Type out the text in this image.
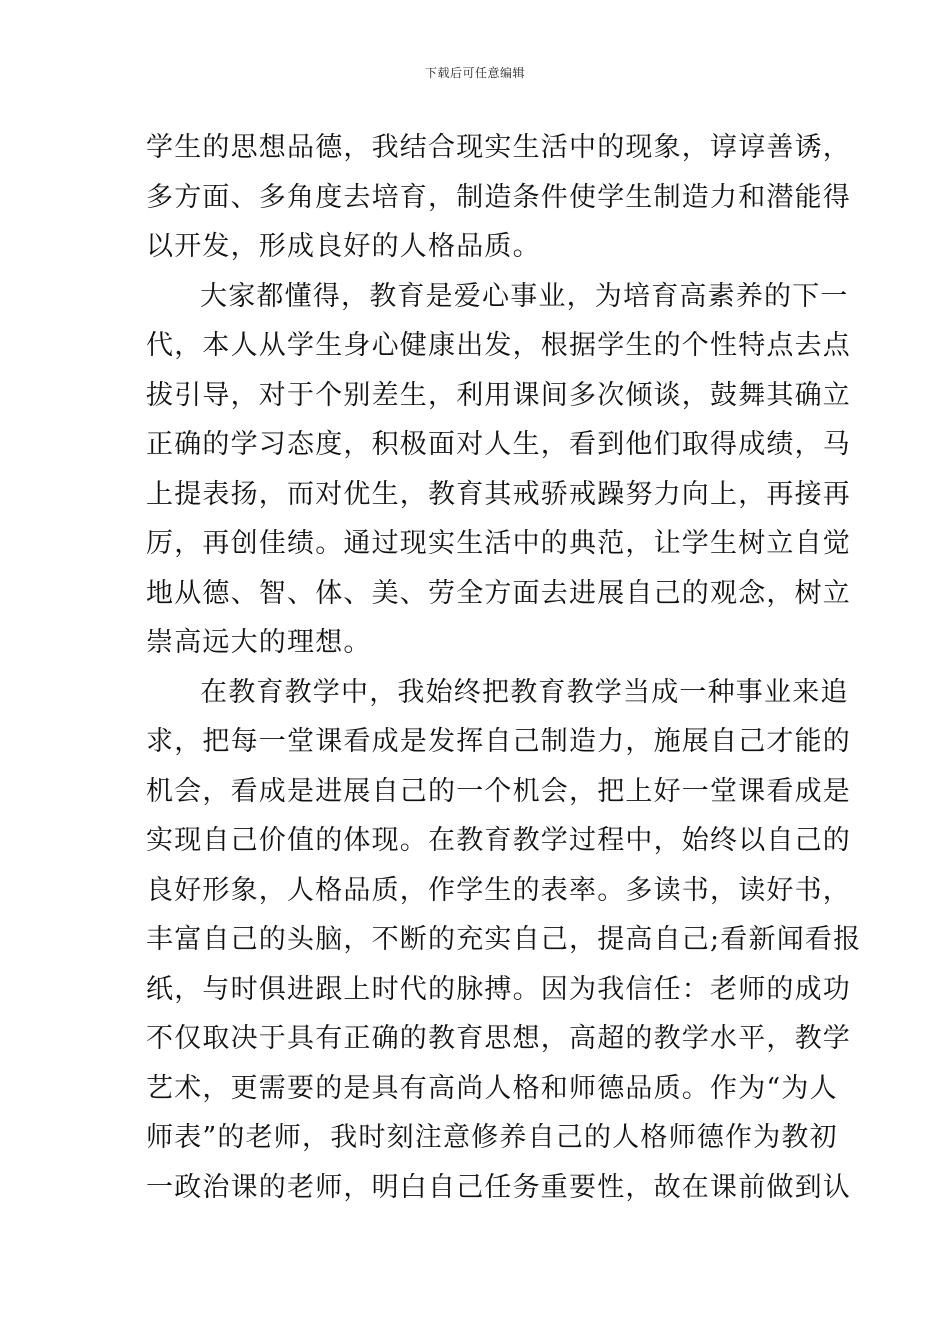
下载后可任意编辑
学生的思想品德，我结合现实生活中的现象，谆谆善诱，
多方面、多角度去培育，制造条件使学生制造力和潜能得
以开发，形成良好的人格品质。
大家都懂得，教育是爱心事业，为培育高素养的下一
代，本人从学生身心健康出发，根据学生的个性特点去点
拔引导，对于个别差生，利用课间多次倾谈，鼓舞其确立
正确的学习态度，积极面对人生，看到他们取得成绩，马
上提表扬，而对优生，教育其戒骄戒躁努力向上，再接再
厉，再创佳绩。通过现实生活中的典范，让学生树立自觉
地从德、智、体、美、劳全方面去进展自己的观念，树立
崇高远大的理想。
在教育教学中，我始终把教育教学当成一种事业来追
求，把每一堂课看成是发挥自己制造力，施展自己才能的
机会，看成是进展自己的一个机会，把上好一堂课看成是
实现自己价值的体现。在教育教学过程中，始终以自己的
良好形象，人格品质，作学生的表率。多读书，读好书，
丰富自己的头脑，不断的充实自己，提高自己;看新闻看报
纸，与时俱进跟上时代的脉搏。因为我信任：老师的成功
不仅取决于具有正确的教育思想，高超的教学水平，教学
艺术，更需要的是具有高尚人格和师德品质。作为“为人
师表”的老师，我时刻注意修养自己的人格师德作为教初
一政治课的老师，明白自己任务重要性，故在课前做到认
